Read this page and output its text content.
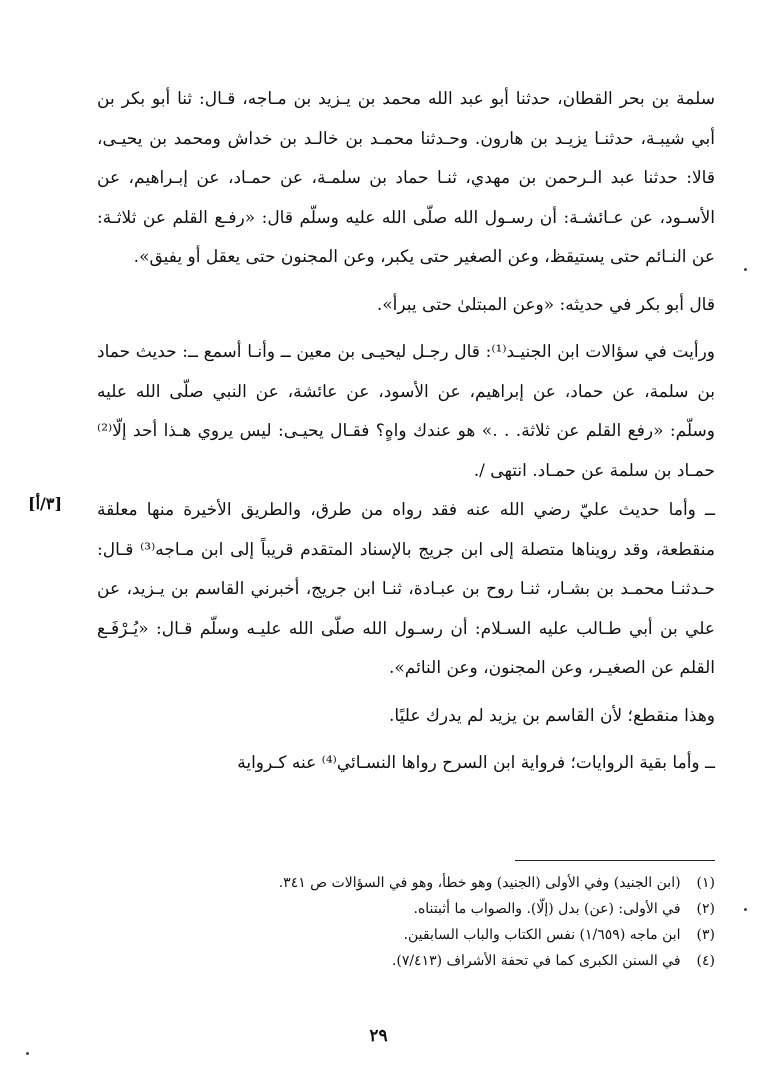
سلمة بن بحر القطان، حدثنا أبو عبد الله محمد بن يـزيد بن مـاجه، قـال: ثنا أبو بكر بن أبي شيبـة، حدثنـا يزيـد بن هارون. وحـدثنا محمـد بن خالـد بن خداش ومحمد بن يحيـى، قالا: حدثنا عبد الـرحمن بن مهدي، ثنـا حماد بن سلمـة، عن حمـاد، عن إبـراهيم، عن الأسـود، عن عـائشـة: أن رسـول الله صلّى الله عليه وسلّم قال: «رفـع القلم عن ثلاثـة: عن النـائم حتى يستيقظ، وعن الصغير حتى يكبر، وعن المجنون حتى يعقل أو يفيق».

قال أبو بكر في حديثه: «وعن المبتلىٰ حتى يبرأ».

ورأيت في سؤالات ابن الجنيـد⁽¹⁾: قال رجـل ليحيـى بن معين ــ وأنـا أسمع ــ: حديث حماد بن سلمة، عن حماد، عن إبراهيم، عن الأسود، عن عائشة، عن النبي صلّى الله عليه وسلّم: «رفع القلم عن ثلاثة. . .» هو عندك واهٍ؟ فقـال يحيـى: ليس يروي هـذا أحد إلّا⁽²⁾ حمـاد بن سلمة عن حمـاد. انتهى /.

ــ وأما حديث عليّ رضي الله عنه فقد رواه من طرق، والطريق الأخيرة منها معلقة منقطعة، وقد رويناها متصلة إلى ابن جريج بالإسناد المتقدم قريباً إلى ابن مـاجه⁽³⁾ قـال: حـدثنـا محمـد بن بشـار، ثنـا روح بن عبـادة، ثنـا ابن جريج، أخبرني القاسم بن يـزيد، عن علي بن أبي طـالب عليه السـلام: أن رسـول الله صلّى الله عليـه وسلّم قـال: «يُـرْفَـع القلم عن الصغيـر، وعن المجنون، وعن النائم».

وهذا منقطع؛ لأن القاسم بن يزيد لم يدرك عليًا.

ــ وأما بقية الروايات؛ فرواية ابن السرح رواها النسـائي⁽⁴⁾ عنه كـرواية

[٣/أ]
(١) (ابن الجنيد) وفي الأولى (الجنيد) وهو خطأ، وهو في السؤالات ص ٣٤١.
(٢) في الأولى: (عن) بدل (إلّا). والصواب ما أثبتناه.
(٣) ابن ماجه (١/٦٥٩) نفس الكتاب والباب السابقين.
(٤) في السنن الكبرى كما في تحفة الأشراف (٧/٤١٣).
٢٩
